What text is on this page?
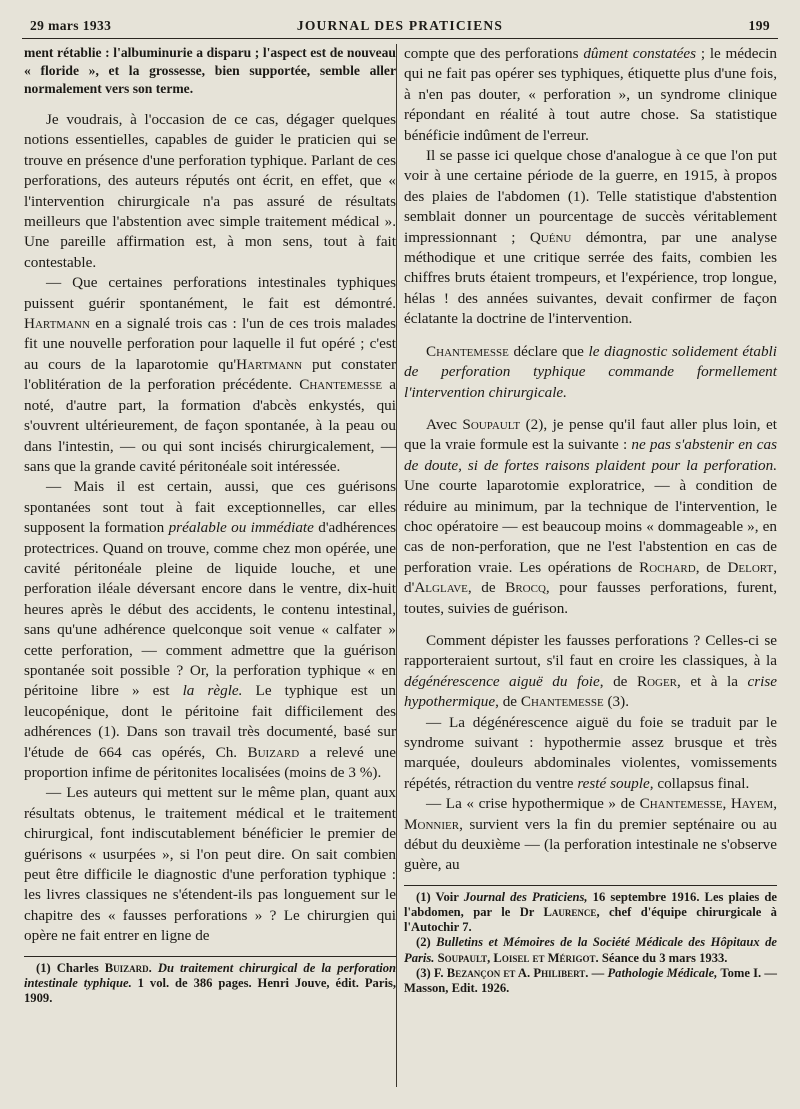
29 mars 1933	JOURNAL DES PRATICIENS	199

ment rétablie : l'albuminurie a disparu ; l'aspect est de nouveau « floride », et la grossesse, bien supportée, semble aller normalement vers son terme.

Je voudrais, à l'occasion de ce cas, dégager quelques notions essentielles, capables de guider le praticien qui se trouve en présence d'une perforation typhique. Parlant de ces perforations, des auteurs réputés ont écrit, en effet, que « l'intervention chirurgicale n'a pas assuré de résultats meilleurs que l'abstention avec simple traitement médical ». Une pareille affirmation est, à mon sens, tout à fait contestable.

— Que certaines perforations intestinales typhiques puissent guérir spontanément, le fait est démontré. Hartmann en a signalé trois cas : l'un de ces trois malades fit une nouvelle perforation pour laquelle il fut opéré ; c'est au cours de la laparotomie qu'Hartmann put constater l'oblitération de la perforation précédente. Chantemesse a noté, d'autre part, la formation d'abcès enkystés, qui s'ouvrent ultérieurement, de façon spontanée, à la peau ou dans l'intestin, — ou qui sont incisés chirurgicalement, — sans que la grande cavité péritonéale soit intéressée.

— Mais il est certain, aussi, que ces guérisons spontanées sont tout à fait exceptionnelles, car elles supposent la formation préalable ou immédiate d'adhérences protectrices. Quand on trouve, comme chez mon opérée, une cavité péritonéale pleine de liquide louche, et une perforation iléale déversant encore dans le ventre, dix-huit heures après le début des accidents, le contenu intestinal, sans qu'une adhérence quelconque soit venue « calfater » cette perforation, — comment admettre que la guérison spontanée soit possible ? Or, la perforation typhique « en péritoine libre » est la règle. Le typhique est un leucopénique, dont le péritoine fait difficilement des adhérences (1). Dans son travail très documenté, basé sur l'étude de 664 cas opérés, Ch. Buizard a relevé une proportion infime de péritonites localisées (moins de 3 %).

— Les auteurs qui mettent sur le même plan, quant aux résultats obtenus, le traitement médical et le traitement chirurgical, font indiscutablement bénéficier le premier de guérisons « usurpées », si l'on peut dire. On sait combien peut être difficile le diagnostic d'une perforation typhique : les livres classiques ne s'étendent-ils pas longuement sur le chapitre des « fausses perforations » ? Le chirurgien qui opère ne fait entrer en ligne de

(1) Charles Buizard. Du traitement chirurgical de la perforation intestinale typhique. 1 vol. de 386 pages. Henri Jouve, édit. Paris, 1909.

compte que des perforations dûment constatées ; le médecin qui ne fait pas opérer ses typhiques, étiquette plus d'une fois, à n'en pas douter, « perforation », un syndrome clinique répondant en réalité à tout autre chose. Sa statistique bénéficie indûment de l'erreur.

Il se passe ici quelque chose d'analogue à ce que l'on put voir à une certaine période de la guerre, en 1915, à propos des plaies de l'abdomen (1). Telle statistique d'abstention semblait donner un pourcentage de succès véritablement impressionnant ; Quénu démontra, par une analyse méthodique et une critique serrée des faits, combien les chiffres bruts étaient trompeurs, et l'expérience, trop longue, hélas ! des années suivantes, devait confirmer de façon éclatante la doctrine de l'intervention.

Chantemesse déclare que le diagnostic solidement établi de perforation typhique commande formellement l'intervention chirurgicale.

Avec Soupault (2), je pense qu'il faut aller plus loin, et que la vraie formule est la suivante : ne pas s'abstenir en cas de doute, si de fortes raisons plaident pour la perforation. Une courte laparotomie exploratrice, — à condition de réduire au minimum, par la technique de l'intervention, le choc opératoire — est beaucoup moins « dommageable », en cas de non-perforation, que ne l'est l'abstention en cas de perforation vraie. Les opérations de Rochard, de Delort, d'Alglave, de Brocq, pour fausses perforations, furent, toutes, suivies de guérison.

Comment dépister les fausses perforations ? Celles-ci se rapporteraient surtout, s'il faut en croire les classiques, à la dégénérescence aiguë du foie, de Roger, et à la crise hypothermique, de Chantemesse (3).

— La dégénérescence aiguë du foie se traduit par le syndrome suivant : hypothermie assez brusque et très marquée, douleurs abdominales violentes, vomissements répétés, rétraction du ventre resté souple, collapsus final.

— La « crise hypothermique » de Chantemesse, Hayem, Monnier, survient vers la fin du premier septénaire ou au début du deuxième — (la perforation intestinale ne s'observe guère, au

(1) Voir Journal des Praticiens, 16 septembre 1916. Les plaies de l'abdomen, par le Dr Laurence, chef d'équipe chirurgicale à l'Autochir 7.

(2) Bulletins et Mémoires de la Société Médicale des Hôpitaux de Paris. Soupault, Loisel et Mérigot. Séance du 3 mars 1933.

(3) F. Bezançon et A. Philibert. — Pathologie Médicale, Tome I. — Masson, Edit. 1926.
